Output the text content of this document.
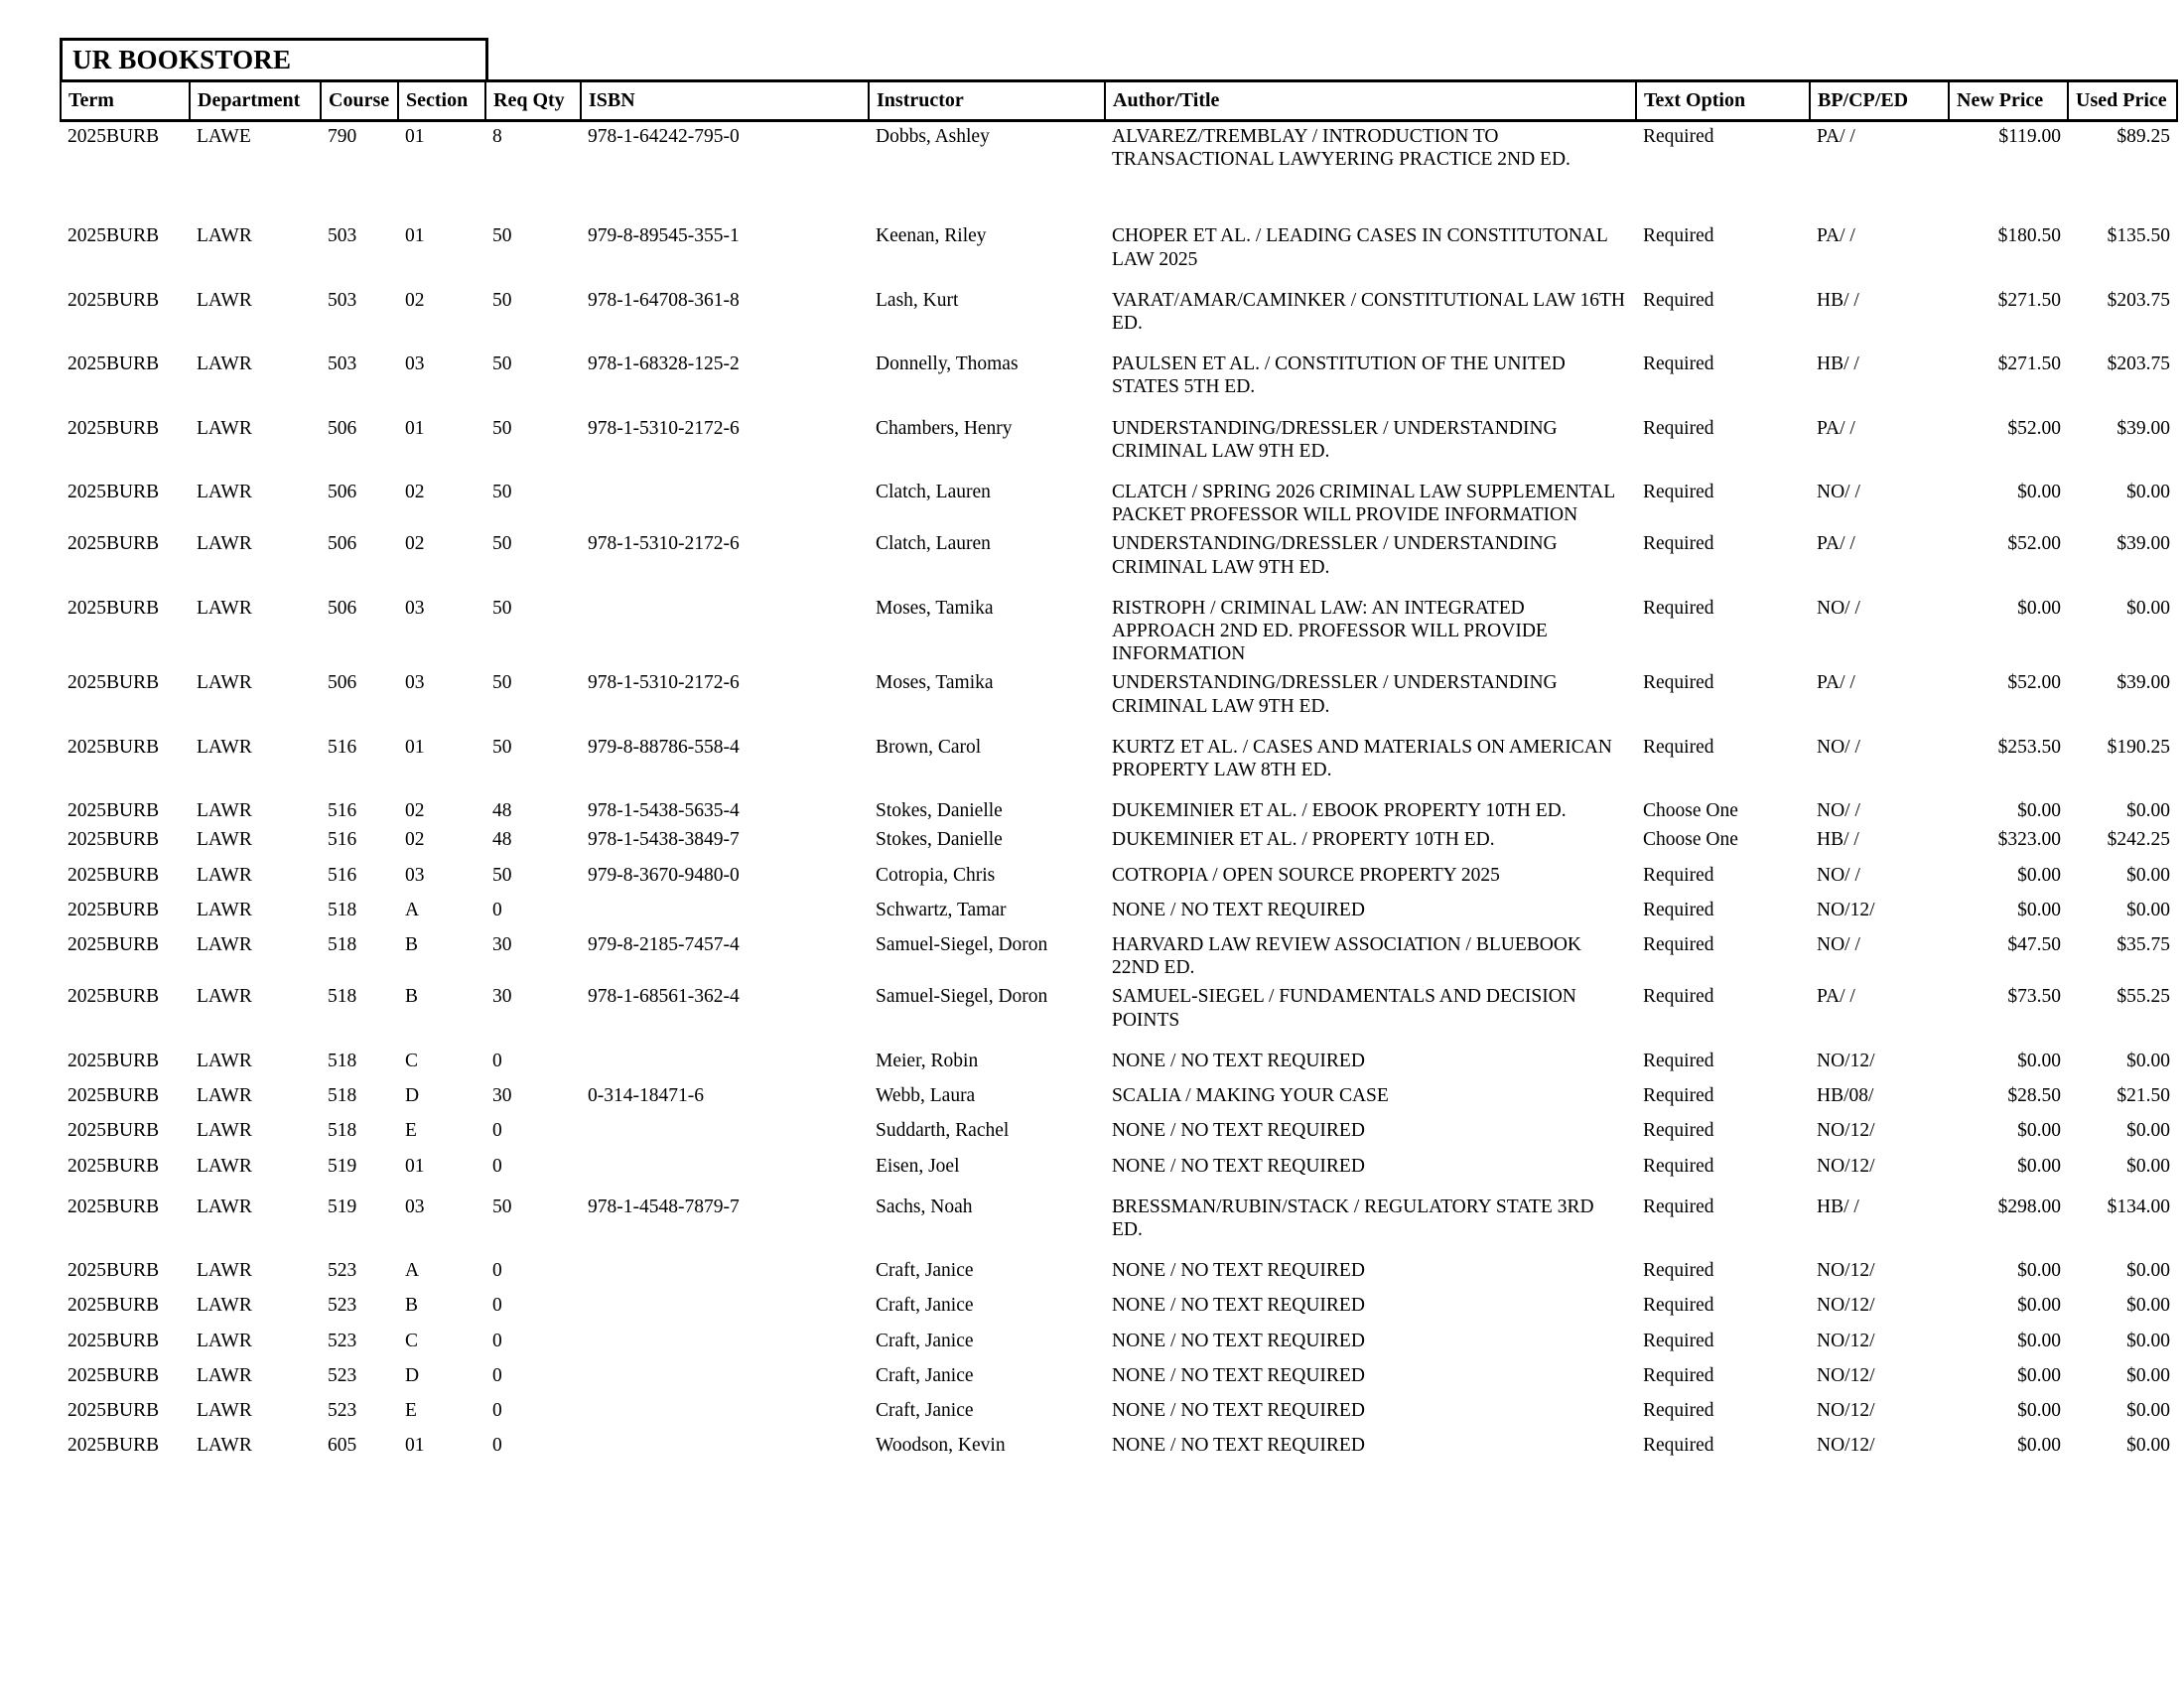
UR BOOKSTORE
Term	Department	Course	Section	Req Qty	ISBN	Instructor	Author/Title	Text Option	BP/CP/ED	New Price	Used Price
2025BURB	LAWE	790	01	8	978-1-64242-795-0	Dobbs, Ashley	ALVAREZ/TREMBLAY / INTRODUCTION TO TRANSACTIONAL LAWYERING PRACTICE 2ND ED.	Required	PA/ /	$119.00	$89.25

2025BURB	LAWR	503	01	50	979-8-89545-355-1	Keenan, Riley	CHOPER ET AL. / LEADING CASES IN CONSTITUTONAL LAW 2025	Required	PA/ /	$180.50	$135.50

2025BURB	LAWR	503	02	50	978-1-64708-361-8	Lash, Kurt	VARAT/AMAR/CAMINKER / CONSTITUTIONAL LAW 16TH ED.	Required	HB/ /	$271.50	$203.75

2025BURB	LAWR	503	03	50	978-1-68328-125-2	Donnelly, Thomas	PAULSEN ET AL. / CONSTITUTION OF THE UNITED STATES 5TH ED.	Required	HB/ /	$271.50	$203.75

2025BURB	LAWR	506	01	50	978-1-5310-2172-6	Chambers, Henry	UNDERSTANDING/DRESSLER / UNDERSTANDING CRIMINAL LAW 9TH ED.	Required	PA/ /	$52.00	$39.00

2025BURB	LAWR	506	02	50		Clatch, Lauren	CLATCH / SPRING 2026 CRIMINAL LAW SUPPLEMENTAL PACKET PROFESSOR WILL PROVIDE INFORMATION	Required	NO/ /	$0.00	$0.00
2025BURB	LAWR	506	02	50	978-1-5310-2172-6	Clatch, Lauren	UNDERSTANDING/DRESSLER / UNDERSTANDING CRIMINAL LAW 9TH ED.	Required	PA/ /	$52.00	$39.00

2025BURB	LAWR	506	03	50		Moses, Tamika	RISTROPH / CRIMINAL LAW: AN INTEGRATED APPROACH 2ND ED. PROFESSOR WILL PROVIDE INFORMATION	Required	NO/ /	$0.00	$0.00
2025BURB	LAWR	506	03	50	978-1-5310-2172-6	Moses, Tamika	UNDERSTANDING/DRESSLER / UNDERSTANDING CRIMINAL LAW 9TH ED.	Required	PA/ /	$52.00	$39.00

2025BURB	LAWR	516	01	50	979-8-88786-558-4	Brown, Carol	KURTZ ET AL. / CASES AND MATERIALS ON AMERICAN PROPERTY LAW 8TH ED.	Required	NO/ /	$253.50	$190.25

2025BURB	LAWR	516	02	48	978-1-5438-5635-4	Stokes, Danielle	DUKEMINIER ET AL. / EBOOK PROPERTY 10TH ED.	Choose One	NO/ /	$0.00	$0.00
2025BURB	LAWR	516	02	48	978-1-5438-3849-7	Stokes, Danielle	DUKEMINIER ET AL. / PROPERTY 10TH ED.	Choose One	HB/ /	$323.00	$242.25

2025BURB	LAWR	516	03	50	979-8-3670-9480-0	Cotropia, Chris	COTROPIA / OPEN SOURCE PROPERTY 2025	Required	NO/ /	$0.00	$0.00

2025BURB	LAWR	518	A	0		Schwartz, Tamar	NONE / NO TEXT REQUIRED	Required	NO/12/	$0.00	$0.00

2025BURB	LAWR	518	B	30	979-8-2185-7457-4	Samuel-Siegel, Doron	HARVARD LAW REVIEW ASSOCIATION / BLUEBOOK 22ND ED.	Required	NO/ /	$47.50	$35.75
2025BURB	LAWR	518	B	30	978-1-68561-362-4	Samuel-Siegel, Doron	SAMUEL-SIEGEL / FUNDAMENTALS AND DECISION POINTS	Required	PA/ /	$73.50	$55.25

2025BURB	LAWR	518	C	0		Meier, Robin	NONE / NO TEXT REQUIRED	Required	NO/12/	$0.00	$0.00

2025BURB	LAWR	518	D	30	0-314-18471-6	Webb, Laura	SCALIA / MAKING YOUR CASE	Required	HB/08/	$28.50	$21.50

2025BURB	LAWR	518	E	0		Suddarth, Rachel	NONE / NO TEXT REQUIRED	Required	NO/12/	$0.00	$0.00

2025BURB	LAWR	519	01	0		Eisen, Joel	NONE / NO TEXT REQUIRED	Required	NO/12/	$0.00	$0.00

2025BURB	LAWR	519	03	50	978-1-4548-7879-7	Sachs, Noah	BRESSMAN/RUBIN/STACK / REGULATORY STATE 3RD ED.	Required	HB/ /	$298.00	$134.00

2025BURB	LAWR	523	A	0		Craft, Janice	NONE / NO TEXT REQUIRED	Required	NO/12/	$0.00	$0.00

2025BURB	LAWR	523	B	0		Craft, Janice	NONE / NO TEXT REQUIRED	Required	NO/12/	$0.00	$0.00

2025BURB	LAWR	523	C	0		Craft, Janice	NONE / NO TEXT REQUIRED	Required	NO/12/	$0.00	$0.00

2025BURB	LAWR	523	D	0		Craft, Janice	NONE / NO TEXT REQUIRED	Required	NO/12/	$0.00	$0.00

2025BURB	LAWR	523	E	0		Craft, Janice	NONE / NO TEXT REQUIRED	Required	NO/12/	$0.00	$0.00

2025BURB	LAWR	605	01	0		Woodson, Kevin	NONE / NO TEXT REQUIRED	Required	NO/12/	$0.00	$0.00
